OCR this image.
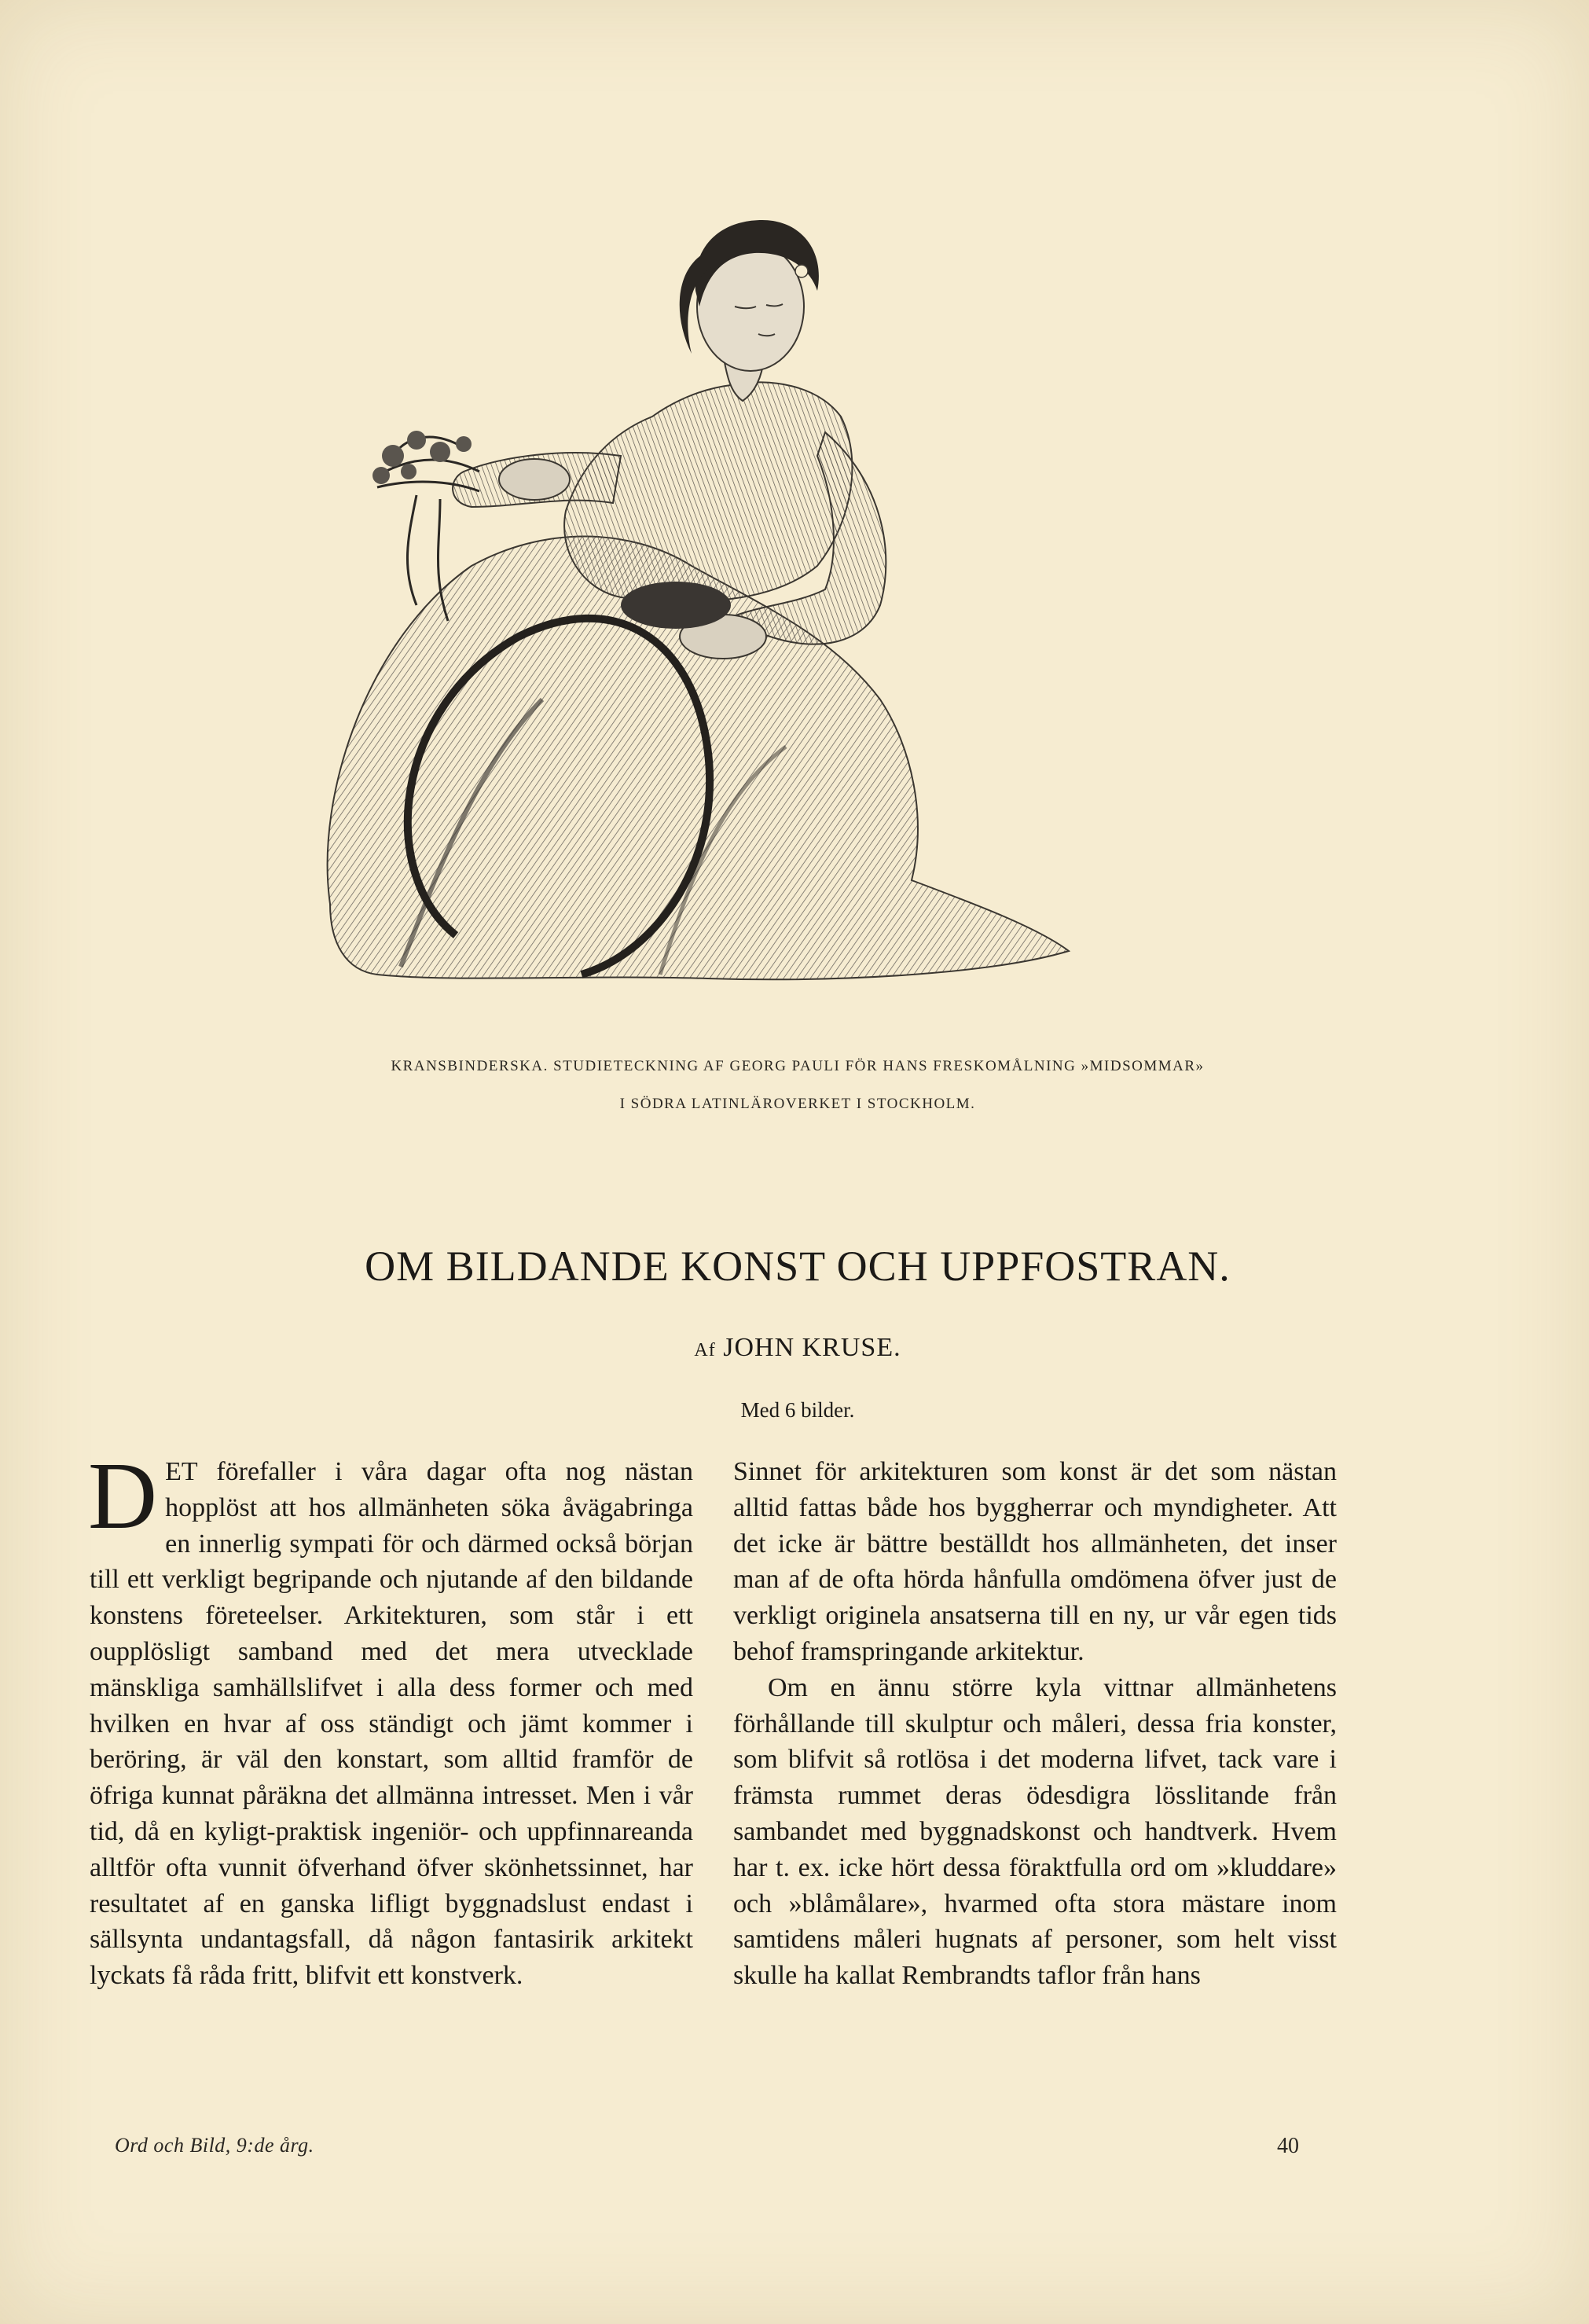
KRANSBINDERSKA. STUDIETECKNING AF GEORG PAULI FÖR HANS FRESKOMÅLNING »MIDSOMMAR»
I SÖDRA LATINLÄROVERKET I STOCKHOLM.
OM BILDANDE KONST OCH UPPFOSTRAN.
Af JOHN KRUSE.
Med 6 bilder.

DET förefaller i våra dagar ofta nog nästan hopplöst att hos allmänheten söka åvägabringa en innerlig sympati för och därmed också början till ett verkligt begripande och njutande af den bildande konstens företeelser. Arkitekturen, som står i ett oupplösligt samband med det mera utvecklade mänskliga samhällslifvet i alla dess former och med hvilken en hvar af oss ständigt och jämt kommer i beröring, är väl den konstart, som alltid framför de öfriga kunnat påräkna det allmänna intresset. Men i vår tid, då en kyligt-praktisk ingeniör- och uppfinnareanda alltför ofta vunnit öfverhand öfver skönhetssinnet, har resultatet af en ganska lifligt byggnadslust endast i sällsynta undantagsfall, då någon fantasirik arkitekt lyckats få råda fritt, blifvit ett konstverk.

Sinnet för arkitekturen som konst är det som nästan alltid fattas både hos byggherrar och myndigheter. Att det icke är bättre beställdt hos allmänheten, det inser man af de ofta hörda hånfulla omdömena öfver just de verkligt originela ansatserna till en ny, ur vår egen tids behof framspringande arkitektur.

Om en ännu större kyla vittnar allmänhetens förhållande till skulptur och måleri, dessa fria konster, som blifvit så rotlösa i det moderna lifvet, tack vare i främsta rummet deras ödesdigra lösslitande från sambandet med byggnadskonst och handtverk. Hvem har t. ex. icke hört dessa föraktfulla ord om »kluddare» och »blåmålare», hvarmed ofta stora mästare inom samtidens måleri hugnats af personer, som helt visst skulle ha kallat Rembrandts taflor från hans

Ord och Bild, 9:de årg.	40
